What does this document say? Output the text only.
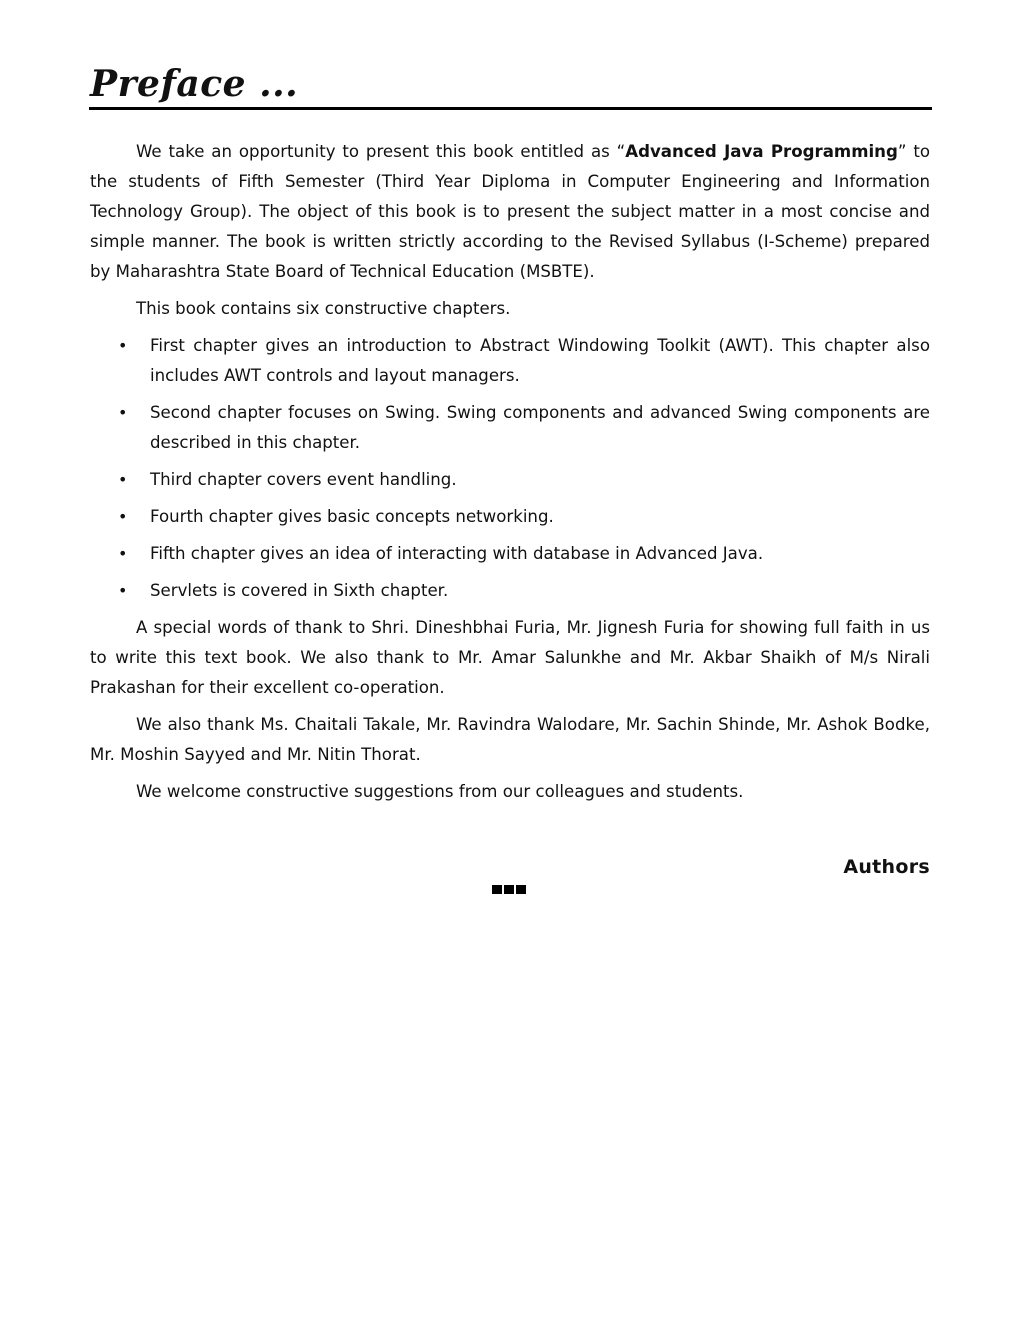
Preface ...

We take an opportunity to present this book entitled as “Advanced Java Programming” to the students of Fifth Semester (Third Year Diploma in Computer Engineering and Information Technology Group). The object of this book is to present the subject matter in a most concise and simple manner. The book is written strictly according to the Revised Syllabus (I-Scheme) prepared by Maharashtra State Board of Technical Education (MSBTE).

This book contains six constructive chapters.

• First chapter gives an introduction to Abstract Windowing Toolkit (AWT). This chapter also includes AWT controls and layout managers.
• Second chapter focuses on Swing. Swing components and advanced Swing components are described in this chapter.
• Third chapter covers event handling.
• Fourth chapter gives basic concepts networking.
• Fifth chapter gives an idea of interacting with database in Advanced Java.
• Servlets is covered in Sixth chapter.

A special words of thank to Shri. Dineshbhai Furia, Mr. Jignesh Furia for showing full faith in us to write this text book. We also thank to Mr. Amar Salunkhe and Mr. Akbar Shaikh of M/s Nirali Prakashan for their excellent co-operation.

We also thank Ms. Chaitali Takale, Mr. Ravindra Walodare, Mr. Sachin Shinde, Mr. Ashok Bodke, Mr. Moshin Sayyed and Mr. Nitin Thorat.

We welcome constructive suggestions from our colleagues and students.

Authors
